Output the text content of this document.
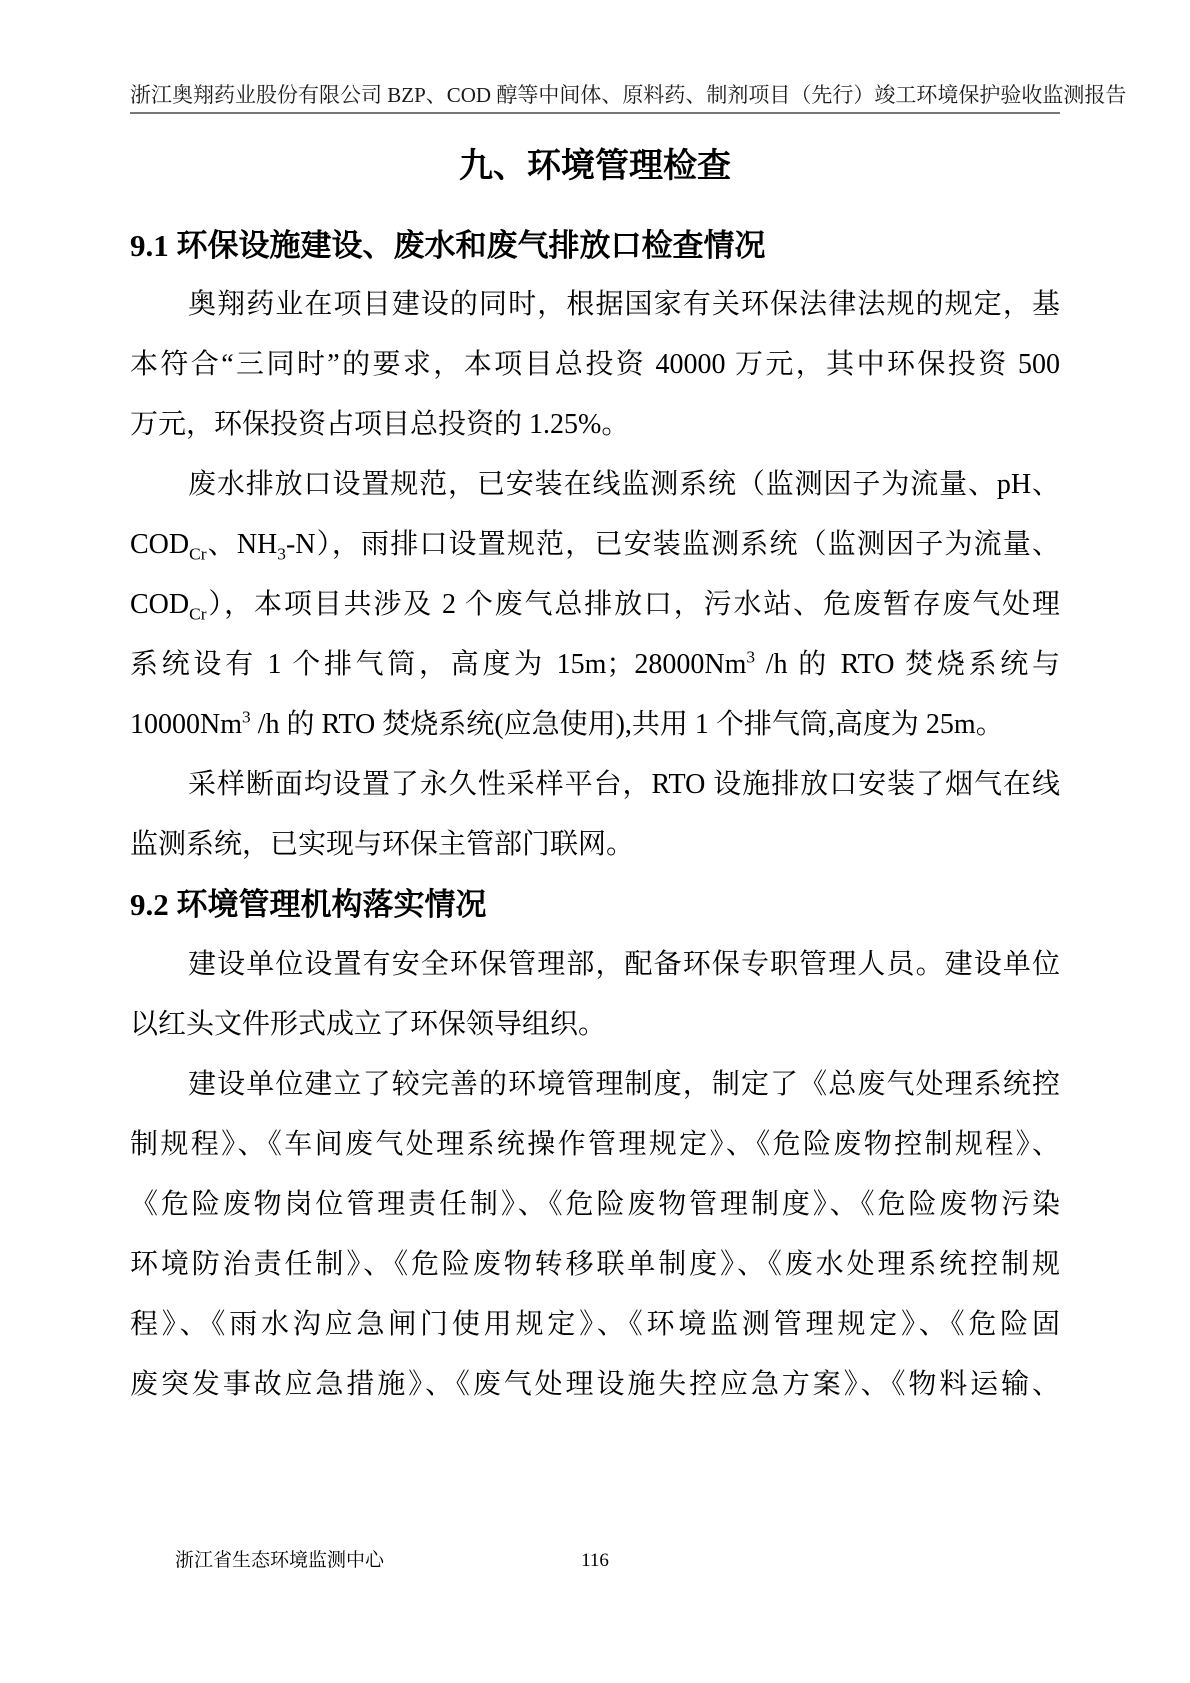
浙江奥翔药业股份有限公司 BZP、COD 醇等中间体、原料药、制剂项目（先行）竣工环境保护验收监测报告
九、环境管理检查
9.1 环保设施建设、废水和废气排放口检查情况
奥翔药业在项目建设的同时，根据国家有关环保法律法规的规定，基
本符合“三同时”的要求，本项目总投资 40000 万元，其中环保投资 500
万元，环保投资占项目总投资的 1.25%。
废水排放口设置规范，已安装在线监测系统（监测因子为流量、pH、
$COD_{Cr}$、$NH_3-N$），雨排口设置规范，已安装监测系统（监测因子为流量、
$COD_{Cr}$），本项目共涉及 2 个废气总排放口，污水站、危废暂存废气处理
系统设有 1 个排气筒，高度为 15m；28000Nm$^3$ /h 的 RTO 焚烧系统与
10000Nm$^3$ /h 的 RTO 焚烧系统(应急使用),共用 1 个排气筒,高度为 25m。
采样断面均设置了永久性采样平台，RTO 设施排放口安装了烟气在线
监测系统，已实现与环保主管部门联网。
9.2 环境管理机构落实情况
建设单位设置有安全环保管理部，配备环保专职管理人员。建设单位
以红头文件形式成立了环保领导组织。
建设单位建立了较完善的环境管理制度，制定了《总废气处理系统控
制规程》、《车间废气处理系统操作管理规定》、《危险废物控制规程》、
《危险废物岗位管理责任制》、《危险废物管理制度》、《危险废物污染
环境防治责任制》、《危险废物转移联单制度》、《废水处理系统控制规
程》、《雨水沟应急闸门使用规定》、《环境监测管理规定》、《危险固
废突发事故应急措施》、《废气处理设施失控应急方案》、《物料运输、
浙江省生态环境监测中心	116
